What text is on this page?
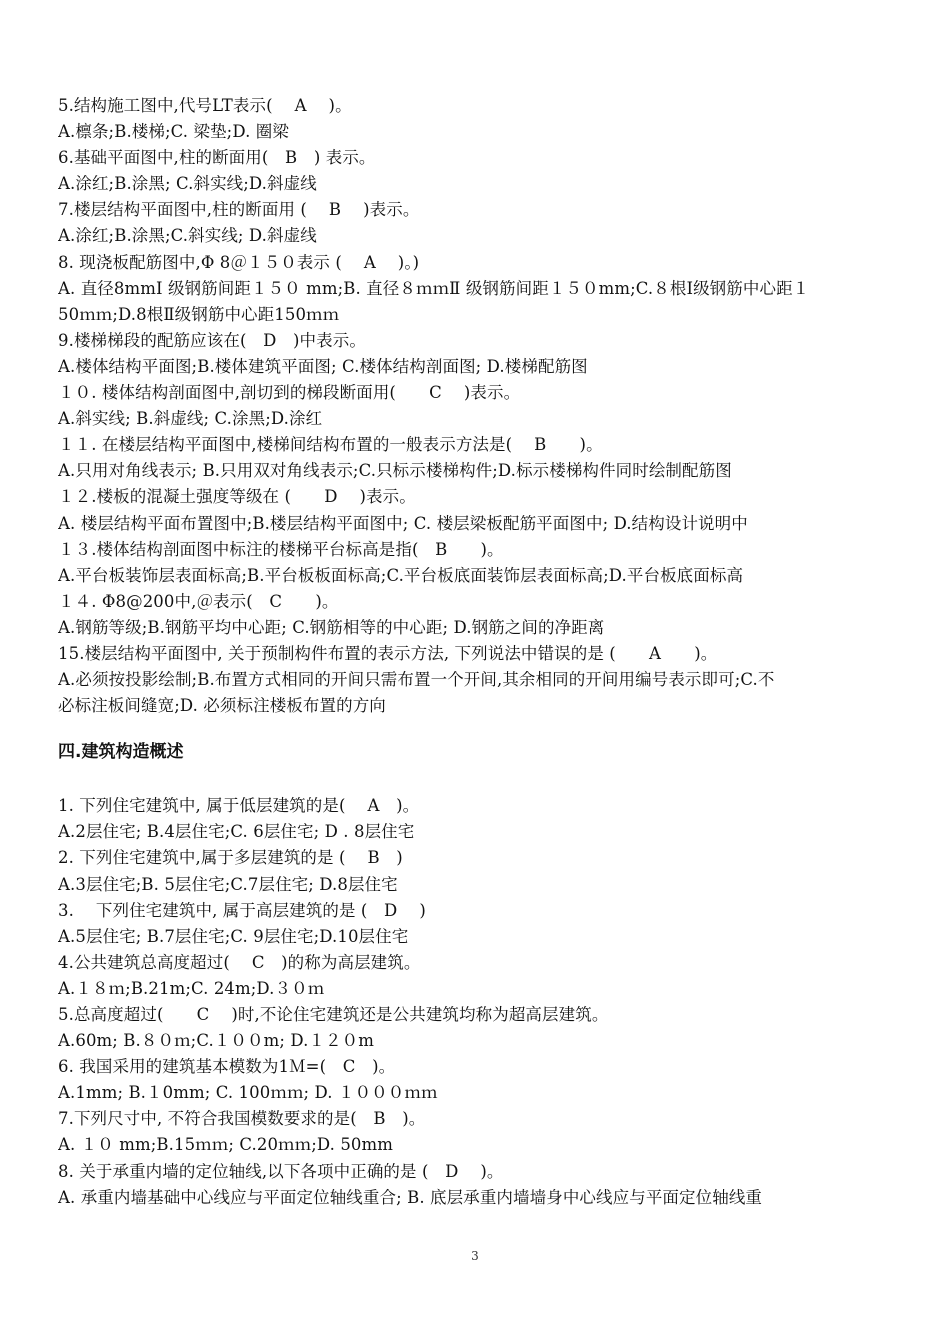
5.结构施工图中,代号LT表示(　 A　 )。
A.檩条;B.楼梯;C. 梁垫;D. 圈梁
6.基础平面图中,柱的断面用(　B　) 表示。
A.涂红;B.涂黑; C.斜实线;D.斜虚线
7.楼层结构平面图中,柱的断面用 (　 B　 )表示。
A.涂红;B.涂黑;C.斜实线; D.斜虚线
8. 现浇板配筋图中,Φ 8＠１５０表示 (　 A　 )。)
A. 直径8mmⅠ 级钢筋间距１５０ mm;B. 直径８ｍｍⅡ 级钢筋间距１５０mm;C.８根Ⅰ级钢筋中心距１
50ｍｍ;D.8根Ⅱ级钢筋中心距150ｍｍ
9.楼梯梯段的配筋应该在(　D　)中表示。
A.楼体结构平面图;B.楼体建筑平面图; C.楼体结构剖面图; D.楼梯配筋图
１０. 楼体结构剖面图中,剖切到的梯段断面用(　　C　 )表示。
A.斜实线; B.斜虚线; C.涂黑;D.涂红
１１. 在楼层结构平面图中,楼梯间结构布置的一般表示方法是(　 B　　)。
A.只用对角线表示; B.只用双对角线表示;C.只标示楼梯构件;D.标示楼梯构件同时绘制配筋图
１２.楼板的混凝土强度等级在 (　　D　 )表示。
A. 楼层结构平面布置图中;B.楼层结构平面图中; C. 楼层梁板配筋平面图中; D.结构设计说明中
１３.楼体结构剖面图中标注的楼梯平台标高是指(　B　　)。
A.平台板装饰层表面标高;B.平台板板面标高;C.平台板底面装饰层表面标高;D.平台板底面标高
１４. Φ8@200中,＠表示(　C　　)。
A.钢筋等级;B.钢筋平均中心距; C.钢筋相等的中心距; D.钢筋之间的净距离
15.楼层结构平面图中, 关于预制构件布置的表示方法, 下列说法中错误的是 (　　A　　)。
A.必须按投影绘制;B.布置方式相同的开间只需布置一个开间,其余相同的开间用编号表示即可;C.不
必标注板间缝宽;D. 必须标注楼板布置的方向
四.建筑构造概述
1. 下列住宅建筑中, 属于低层建筑的是(　 A　)。
A.2层住宅; B.4层住宅;C. 6层住宅; D . 8层住宅
2. 下列住宅建筑中,属于多层建筑的是 (　 B　)
A.3层住宅;B. 5层住宅;C.7层住宅; D.8层住宅
3.　 下列住宅建筑中, 属于高层建筑的是 (　D　 )
A.5层住宅; B.7层住宅;C. 9层住宅;D.10层住宅
4.公共建筑总高度超过(　 C　)的称为高层建筑。
A.１８ｍ;B.21m;C. 24m;D.３０ｍ
5.总高度超过(　　C　 )时,不论住宅建筑还是公共建筑均称为超高层建筑。
A.60m; B.８０ｍ;C.１００m; D.１２０m
6. 我国采用的建筑基本模数为1Ｍ=(　C　)。
A.1mm; B.１0mm; C. 100ｍｍ; D. １０００ｍｍ
7.下列尺寸中, 不符合我国模数要求的是(　B　)。
A. １０ mm;B.15ｍｍ; C.20ｍｍ;D. 50mm
8. 关于承重内墙的定位轴线,以下各项中正确的是 (　D　 )。
A. 承重内墙基础中心线应与平面定位轴线重合; B. 底层承重内墙墙身中心线应与平面定位轴线重
3
